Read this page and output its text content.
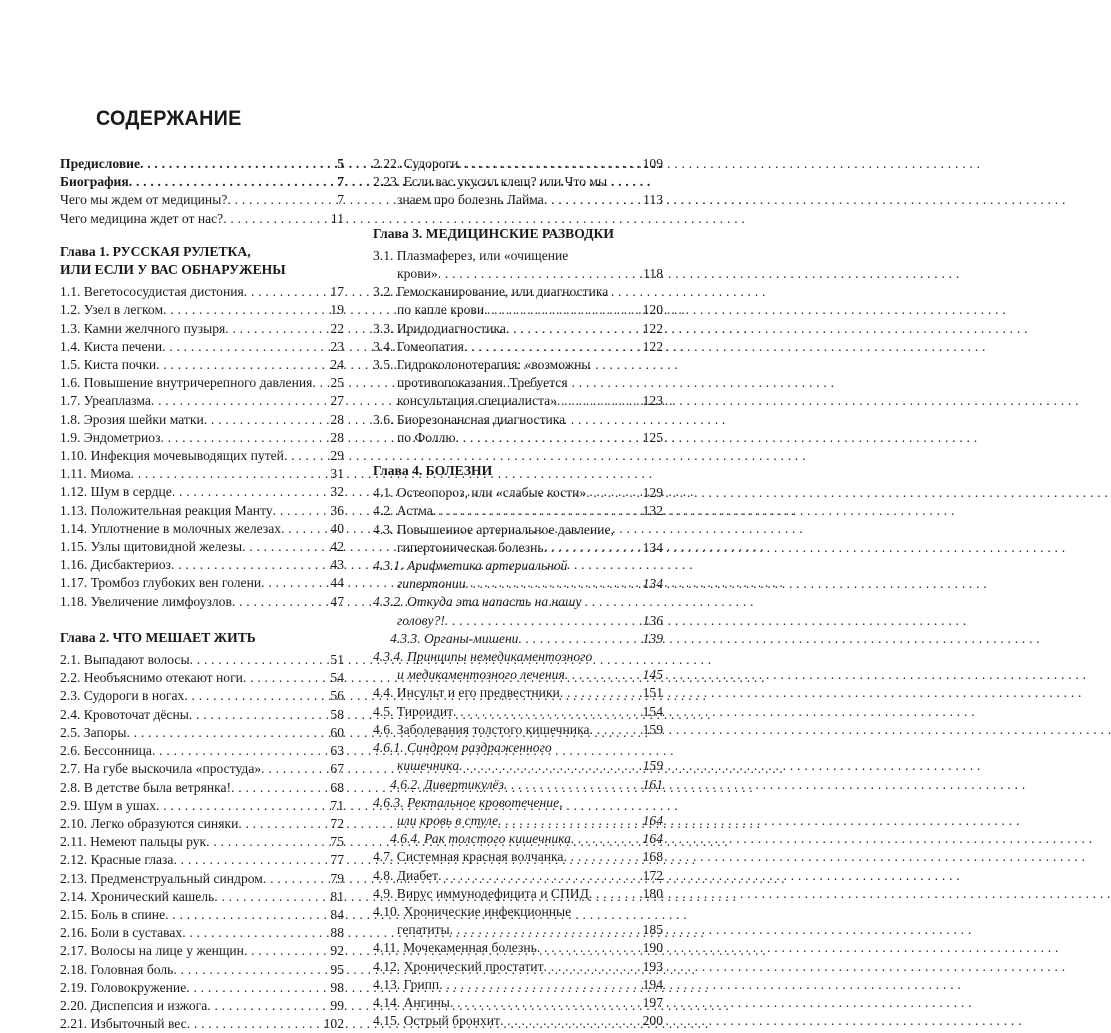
СОДЕРЖАНИЕ
Предисловие . . .	5
Биография . . .	7
Чего мы ждем от медицины? . . .	7
Чего медицина ждет от нас? . . .	11
Глава 1. РУССКАЯ РУЛЕТКА,
ИЛИ ЕСЛИ У ВАС ОБНАРУЖЕНЫ
1.1. Вегетососудистая дистония . . .	17
1.2. Узел в легком . . .	19
1.3. Камни желчного пузыря . . .	22
1.4. Киста печени . . .	23
1.5. Киста почки . . .	24
1.6. Повышение внутричерепного давления . . . 25
1.7. Уреаплазма . . .	27
1.8. Эрозия шейки матки . . .	28
1.9. Эндометриоз . . .	28
1.10. Инфекция мочевыводящих путей . . .	29
1.11. Миома . . .	31
1.12. Шум в сердце . . .	32
1.13. Положительная реакция Манту . . .	36
1.14. Уплотнение в молочных железах . . .	40
1.15. Узлы щитовидной железы . . .	42
1.16. Дисбактериоз . . .	43
1.17. Тромбоз глубоких вен голени . . .	44
1.18. Увеличение лимфоузлов . . .	47
Глава 2. ЧТО МЕШАЕТ ЖИТЬ
2.1. Выпадают волосы . . .	51
2.2. Необъяснимо отекают ноги . . .	54
2.3. Судороги в ногах . . .	56
2.4. Кровоточат дёсны . . .	58
2.5. Запоры . . .	60
2.6. Бессонница . . .	63
2.7. На губе выскочила «простуда» . . .	67
2.8. В детстве была ветрянка! . . .	68
2.9. Шум в ушах . . .	71
2.10. Легко образуются синяки . . .	72
2.11. Немеют пальцы рук . . .	75
2.12. Красные глаза . . .	77
2.13. Предменструальный синдром . . .	79
2.14. Хронический кашель . . .	81
2.15. Боль в спине . . .	84
2.16. Боли в суставах . . .	88
2.17. Волосы на лице у женщин . . .	92
2.18. Головная боль . . .	95
2.19. Головокружение . . .	98
2.20. Диспепсия и изжога . . .	99
2.21. Избыточный вес . . .	102
2.22. Судороги . . .	109
2.23. Если вас укусил клещ? или Что мы
знаем про болезнь Лайма . . .	113
Глава 3. МЕДИЦИНСКИЕ РАЗВОДКИ
3.1. Плазмаферез, или «очищение
крови» . . .	118
3.2. Гемосканирование, или диагностика
по капле крови . . .	120
3.3. Иридодиагностика . . .	122
3.4. Гомеопатия . . .	122
3.5. Гидроколонотерапия: «возможны
противопоказания. Требуется
консультация специалиста» . . .	123
3.6. Биорезонансная диагностика
по Фоллю . . .	125
Глава 4. БОЛЕЗНИ
4.1. Остеопороз, или «слабые кости» . . .	129
4.2. Астма . . .	132
4.3. Повышенное артериальное давление,
гипертоническая болезнь . . .	134
4.3.1. Арифметика артериальной
гипертонии . . .	134
4.3.2. Откуда эта напасть на нашу
голову?! . . .	136
4.3.3. Органы-мишени . . .	139
4.3.4. Принципы немедикаментозного
и медикаментозного лечения . . .	145
4.4. Инсульт и его предвестники . . .	151
4.5. Тироидит . . .	154
4.6. Заболевания толстого кишечника . . .	159
4.6.1. Синдром раздраженного
кишечника . . .	159
4.6.2. Дивертикулёз . . .	161
4.6.3. Ректальное кровотечение,
или кровь в стуле . . .	164
4.6.4. Рак толстого кишечника . . .	164
4.7. Системная красная волчанка . . .	168
4.8. Диабет . . .	172
4.9. Вирус иммунодефицита и СПИД . . .	180
4.10. Хронические инфекционные
гепатиты . . .	185
4.11. Мочекаменная болезнь . . .	190
4.12. Хронический простатит . . .	193
4.13. Грипп . . .	194
4.14. Ангины . . .	197
4.15. Острый бронхит . . .	200
